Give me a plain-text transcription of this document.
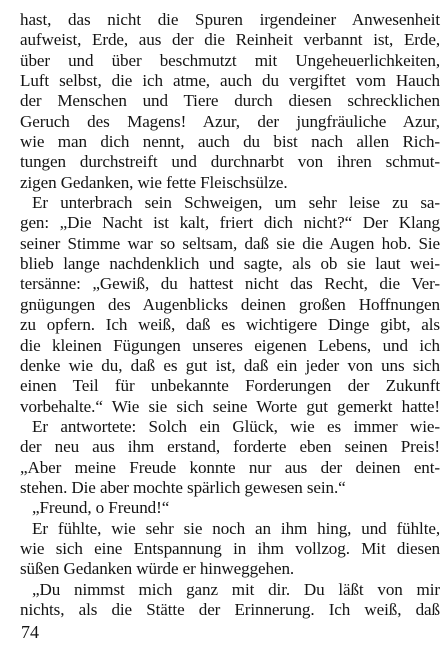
hast, das nicht die Spuren irgendeiner Anwesenheit
aufweist, Erde, aus der die Reinheit verbannt ist, Erde,
über und über beschmutzt mit Ungeheuerlichkeiten,
Luft selbst, die ich atme, auch du vergiftet vom Hauch
der Menschen und Tiere durch diesen schrecklichen
Geruch des Magens! Azur, der jungfräuliche Azur,
wie man dich nennt, auch du bist nach allen Rich-
tungen durchstreift und durchnarbt von ihren schmut-
zigen Gedanken, wie fette Fleischsülze.
Er unterbrach sein Schweigen, um sehr leise zu sa-
gen: „Die Nacht ist kalt, friert dich nicht?“ Der Klang
seiner Stimme war so seltsam, daß sie die Augen hob. Sie
blieb lange nachdenklich und sagte, als ob sie laut wei-
tersänne: „Gewiß, du hattest nicht das Recht, die Ver-
gnügungen des Augenblicks deinen großen Hoffnungen
zu opfern. Ich weiß, daß es wichtigere Dinge gibt, als
die kleinen Fügungen unseres eigenen Lebens, und ich
denke wie du, daß es gut ist, daß ein jeder von uns sich
einen Teil für unbekannte Forderungen der Zukunft
vorbehalte.“ Wie sie sich seine Worte gut gemerkt hatte!
Er antwortete: Solch ein Glück, wie es immer wie-
der neu aus ihm erstand, forderte eben seinen Preis!
„Aber meine Freude konnte nur aus der deinen ent-
stehen. Die aber mochte spärlich gewesen sein.“
„Freund, o Freund!“
Er fühlte, wie sehr sie noch an ihm hing, und fühlte,
wie sich eine Entspannung in ihm vollzog. Mit diesen
süßen Gedanken würde er hinweggehen.
„Du nimmst mich ganz mit dir. Du läßt von mir
nichts, als die Stätte der Erinnerung. Ich weiß, daß
74
